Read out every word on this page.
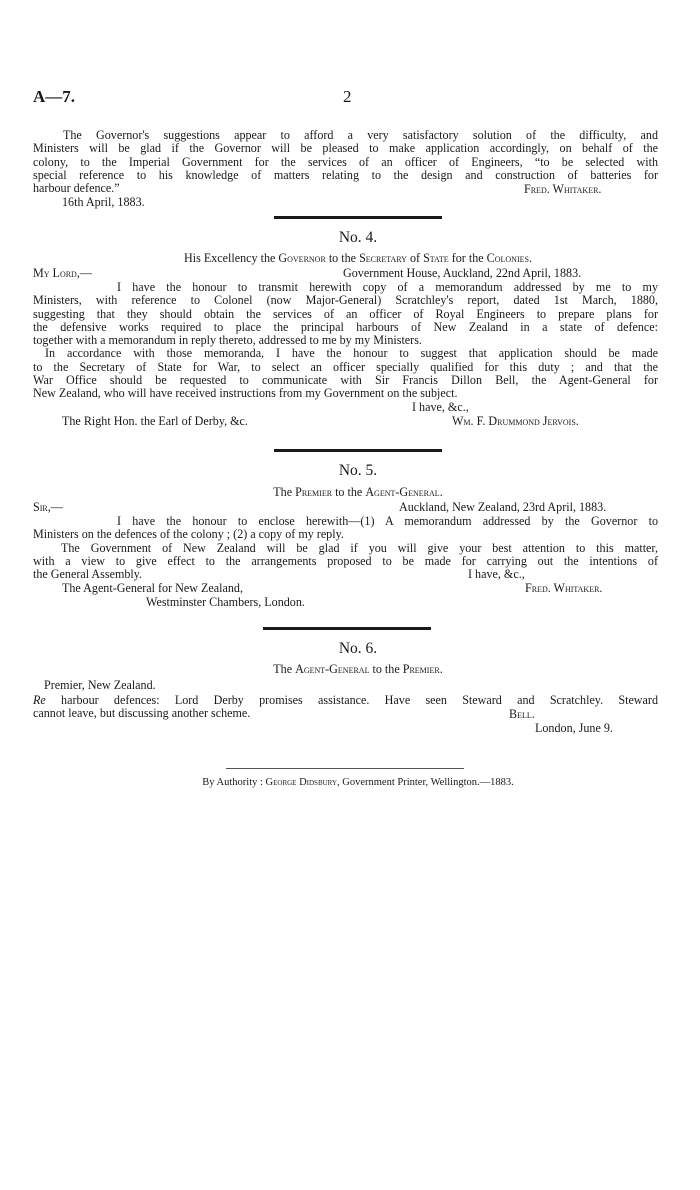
A—7.	2
The Governor's suggestions appear to afford a very satisfactory solution of the difficulty, and
Ministers will be glad if the Governor will be pleased to make application accordingly, on behalf of the
colony, to the Imperial Government for the services of an officer of Engineers, “to be selected with
special reference to his knowledge of matters relating to the design and construction of batteries for
harbour defence.”	Fred. Whitaker.
16th April, 1883.
No. 4.
His Excellency the Governor to the Secretary of State for the Colonies.
My Lord,—	Government House, Auckland, 22nd April, 1883.
I have the honour to transmit herewith copy of a memorandum addressed by me to my
Ministers, with reference to Colonel (now Major-General) Scratchley's report, dated 1st March, 1880,
suggesting that they should obtain the services of an officer of Royal Engineers to prepare plans for
the defensive works required to place the principal harbours of New Zealand in a state of defence:
together with a memorandum in reply thereto, addressed to me by my Ministers.
In accordance with those memoranda, I have the honour to suggest that application should be made
to the Secretary of State for War, to select an officer specially qualified for this duty ; and that the
War Office should be requested to communicate with Sir Francis Dillon Bell, the Agent-General for
New Zealand, who will have received instructions from my Government on the subject.
I have, &c.,
The Right Hon. the Earl of Derby, &c.	Wm. F. Drummond Jervois.
No. 5.
The Premier to the Agent-General.
Sir,—	Auckland, New Zealand, 23rd April, 1883.
I have the honour to enclose herewith—(1) A memorandum addressed by the Governor to
Ministers on the defences of the colony ; (2) a copy of my reply.
The Government of New Zealand will be glad if you will give your best attention to this matter,
with a view to give effect to the arrangements proposed to be made for carrying out the intentions of
the General Assembly.	I have, &c.,
The Agent-General for New Zealand,	Fred. Whitaker.
Westminster Chambers, London.
No. 6.
The Agent-General to the Premier.
Premier, New Zealand.
Re harbour defences: Lord Derby promises assistance. Have seen Steward and Scratchley. Steward
cannot leave, but discussing another scheme.	Bell.
London, June 9.
By Authority : George Didsbury, Government Printer, Wellington.—1883.
